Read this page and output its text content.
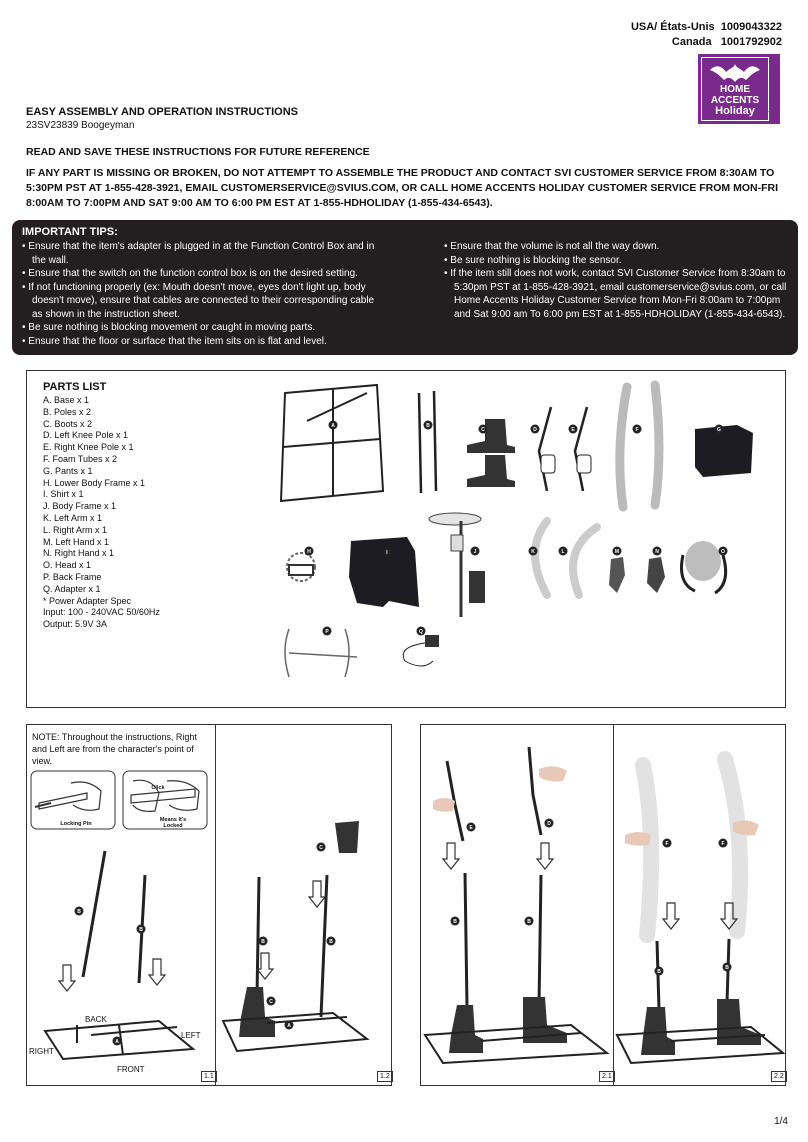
USA/ États-Unis 1009043322
Canada 1001792902
HOME
ACCENTS
Holiday	TM
EASY ASSEMBLY AND OPERATION INSTRUCTIONS
23SV23839 Boogeyman
READ AND SAVE THESE INSTRUCTIONS FOR FUTURE REFERENCE
IF ANY PART IS MISSING OR BROKEN, DO NOT ATTEMPT TO ASSEMBLE THE PRODUCT AND CONTACT SVI CUSTOMER SERVICE FROM 8:30AM TO 5:30PM PST AT 1-855-428-3921, EMAIL CUSTOMERSERVICE@SVIUS.COM, OR CALL HOME ACCENTS HOLIDAY CUSTOMER SERVICE FROM MON-FRI 8:00AM TO 7:00PM AND SAT 9:00 AM TO 6:00 PM EST AT 1-855-HDHOLIDAY (1-855-434-6543).
IMPORTANT TIPS:
• Ensure that the item's adapter is plugged in at the Function Control Box and in the wall.
• Ensure that the switch on the function control box is on the desired setting.
• If not functioning properly (ex: Mouth doesn't move, eyes don't light up, body doesn't move), ensure that cables are connected to their corresponding cable as shown in the instruction sheet.
• Be sure nothing is blocking movement or caught in moving parts.
• Ensure that the floor or surface that the item sits on is flat and level.
• Ensure that the volume is not all the way down.
• Be sure nothing is blocking the sensor.
• If the item still does not work, contact SVI Customer Service from 8:30am to 5:30pm PST at 1-855-428-3921, email customerservice@svius.com, or call Home Accents Holiday Customer Service from Mon-Fri 8:00am to 7:00pm and Sat 9:00 am To 6:00 pm EST at 1-855-HDHOLIDAY (1-855-434-6543).
PARTS LIST
A. Base x 1
B. Poles x 2
C. Boots x 2
D. Left Knee Pole x 1
E. Right Knee Pole x 1
F. Foam Tubes x 2
G. Pants x 1
H. Lower Body Frame x 1
I. Shirt x 1
J. Body Frame x 1
K. Left Arm x 1
L. Right Arm x 1
M. Left Hand x 1
N. Right Hand x 1
O. Head x 1
P. Back Frame
Q. Adapter x 1
* Power Adapter Spec
Input: 100 - 240VAC 50/60Hz
Output: 5.9V 3A
A	B
C	D	E	F	G
H	I	J	K	L	M	N	O
P	Q
NOTE: Throughout the instructions, Right and Left are from the character's point of view.
Locking Pin
Click
Means It's Locked
BACK
LEFT
RIGHT
FRONT
1.1	1.2
B
B
A
C
B	B
C
A
2.1	2.2
E
D
B	B
F	F
B
B
1/4
